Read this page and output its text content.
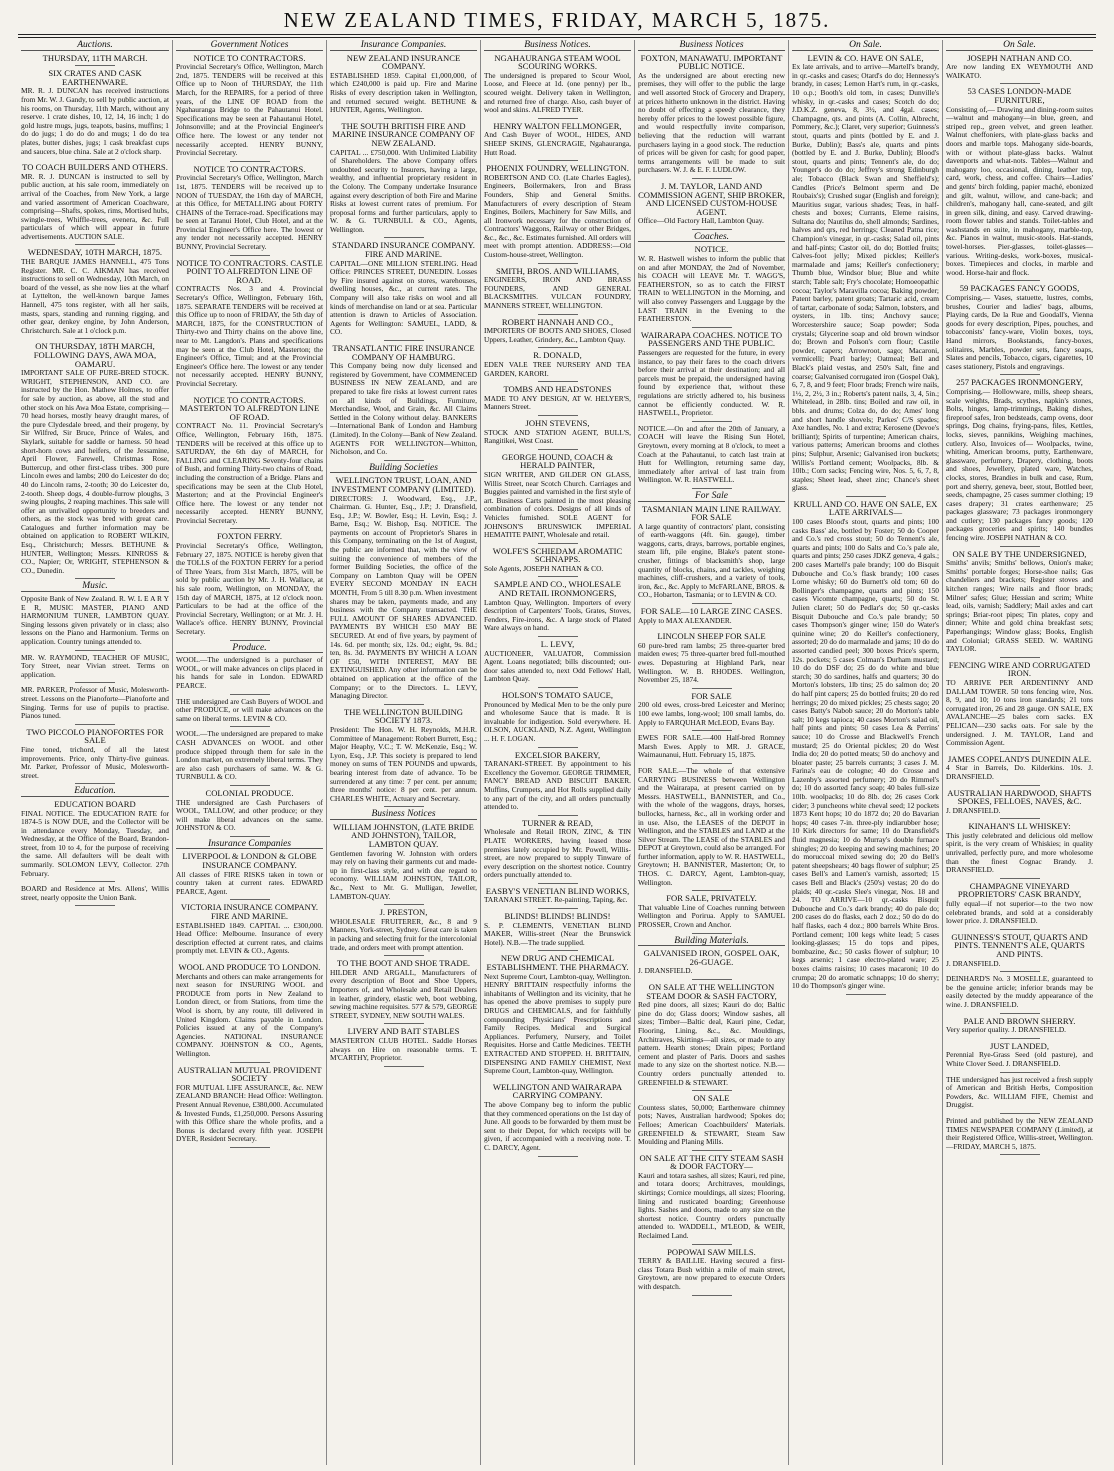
NEW ZEALAND TIMES, FRIDAY, MARCH 5, 1875.
Auctions.
THURSDAY, 11TH MARCH.
SIX CRATES AND CASK EARTHENWARE.
MR. R. J. DUNCAN has received instructions from Mr. W. J. Gandy, to sell by public auction, at his rooms, on Thursday, 11th March, without any reserve. 1 crate dishes, 10, 12, 14, 16 inch; 1 do gold lustre mugs, jugs, teapots, basins, muffins; 1 do do jugs; 1 do do do and mugs; 1 do do tea plates, butter dishes, jugs; 1 cask breakfast cups and saucers, blue china. Sale at 2 o'clock sharp.
TO COACH BUILDERS AND OTHERS.
MR. R. J. DUNCAN is instructed to sell by public auction, at his sale room, immediately on arrival of the Coaches, from New York, a large and varied assortment of American Coachware, comprising—Shafts, spokes, rims, Mortised hubs, swingle-trees, Whiffle-trees, evenera, &c. Full particulars of which will appear in future advertisements. AUCTION SALE.
WEDNESDAY, 10TH MARCH, 1875.
THE BARQUE JAMES HANNELL, 475 Tons Register. MR. C. C. AIKMAN has received instructions to sell on Wednesday, 10th March, on board of the vessel, as she now lies at the wharf at Lyttelton, the well-known barque James Hannell, 475 tons register, with all her sails, masts, spars, standing and running rigging, and other gear, denkey engine, by John Anderson, Christchurch. Sale at 1 o'clock p.m.
ON THURSDAY, 18TH MARCH, FOLLOWING DAYS, AWA MOA, OAMARU.
IMPORTANT SALE OF PURE-BRED STOCK. WRIGHT, STEPHENSON, AND CO. are instructed by the Hon. Mathew Holmes, to offer for sale by auction, as above, all the stud and other stock on his Awa Moa Estate, comprising— 70 head horses, mostly heavy draught mares, of the pure Clydesdale breed, and their progeny, by Sir Wilfred, Sir Bruce, Prince of Wales, and Skylark, suitable for saddle or harness. 50 head short-horn cows and heifers, of the Jessamine, April Flower, Farewell, Christmas Rose, Buttercup, and other first-class tribes. 300 pure Lincoln ewes and lambs; 200 do Leicester do do; 40 do Lincoln rams, 2-tooth; 30 do Leicester do, 2-tooth. Sheep dogs, 4 double-furrow ploughs, 3 swing ploughs, 2 reaping machines. This sale will offer an unrivalled opportunity to breeders and others, as the stock was bred with great care. Catalogues and further information may be obtained on application to ROBERT WILKIN, Esq., Christchurch; Messrs. BETHUNE & HUNTER, Wellington; Messrs. KINROSS & CO., Napier; Or, WRIGHT, STEPHENSON & CO., Dunedin.
Music.
Opposite Bank of New Zealand. R. W. L E A R Y E R, MUSIC MASTER, PIANO AND HARMONIUM TUNER, LAMBTON QUAY. Singing lessons given privately or in class; also lessons on the Piano and Harmonium. Terms on application. Country tunings attended to.
MR. W. RAYMOND, TEACHER OF MUSIC, Tory Street, near Vivian street. Terms on application.
MR. PARKER, Professor of Music, Molesworth-street. Lessons on the Pianoforte—Pianoforte and Singing. Terms for use of pupils to practise. Pianos tuned.
TWO PICCOLO PIANOFORTES FOR SALE
Fine toned, trichord, of all the latest improvements. Price, only Thirty-five guineas. Mr. Parker, Professor of Music, Molesworth-street.
Education.
EDUCATION BOARD
FINAL NOTICE. The EDUCATION RATE for 1874-5 is NOW DUE, and the Collector will be in attendance every Monday, Tuesday, and Wednesday, at the Office of the Board, Brandon-street, from 10 to 4, for the purpose of receiving the same. All defaulters will be dealt with summarily. SOLOMON LEVY, Collector. 27th February.
BOARD and Residence at Mrs. Allens', Willis street, nearly opposite the Union Bank.
Government Notices
NOTICE TO CONTRACTORS.
Provincial Secretary's Office, Wellington, March 2nd, 1875. TENDERS will be received at this Office up to Noon of THURSDAY, the 11th March, for the REPAIRS, for a period of three years, of the LINE OF ROAD from the Ngahauranga Bridge to the Pahautanui Hotel. Specifications may be seen at Pahautanui Hotel, Johnsonville; and at the Provincial Engineer's Office here. The lowest or any tender not necessarily accepted. HENRY BUNNY, Provincial Secretary.
NOTICE TO CONTRACTORS.
Provincial Secretary's Office, Wellington, March 1st, 1875. TENDERS will be received up to NOON of TUESDAY, the 16th day of MARCH, at this Office, for METALLING about FORTY CHAINS of the Terrace-road. Specifications may be seen at Taranui Hotel, Club Hotel, and at the Provincial Engineer's Office here. The lowest or any tender not necessarily accepted. HENRY BUNNY, Provincial Secretary.
NOTICE TO CONTRACTORS. CASTLE POINT TO ALFREDTON LINE OF ROAD.
CONTRACTS Nos. 3 and 4. Provincial Secretary's Office, Wellington, February 16th, 1875. SEPARATE TENDERS will be received at this Office up to noon of FRIDAY, the 5th day of MARCH, 1875, for the CONSTRUCTION of Thirty-two and Thirty chains on the above line, near to Mt. Langdon's. Plans and specifications may be seen at the Club Hotel, Masterton; the Engineer's Office, Timui; and at the Provincial Engineer's Office here. The lowest or any tender not necessarily accepted. HENRY BUNNY, Provincial Secretary.
NOTICE TO CONTRACTORS. MASTERTON TO ALFREDTON LINE OF ROAD.
CONTRACT No. 11. Provincial Secretary's Office, Wellington, February 16th, 1875. TENDERS will be received at this office up to SATURDAY, the 6th day of MARCH, for FALLING and CLEARING Seventy-four chains of Bush, and forming Thirty-two chains of Road, including the construction of a Bridge. Plans and specifications may be seen at the Club Hotel, Masterton; and at the Provincial Engineer's Office here. The lowest or any tender not necessarily accepted. HENRY BUNNY, Provincial Secretary.
FOXTON FERRY.
Provincial Secretary's Office, Wellington, February 27, 1875. NOTICE is hereby given that the TOLLS of the FOXTON FERRY for a period of Three Years, from 31st March, 1875, will be sold by public auction by Mr. J. H. Wallace, at his sale room, Wellington, on MONDAY, the 15th day of MARCH, 1875, at 12 o'clock noon. Particulars to be had at the office of the Provincial Secretary, Wellington; or at Mr. J. H. Wallace's office. HENRY BUNNY, Provincial Secretary.
Produce.
WOOL.—The undersigned is a purchaser of WOOL, or will make advances on clips placed in his hands for sale in London. EDWARD PEARCE.
THE undersigned are Cash Buyers of WOOL and other PRODUCE, or will make advances on the same on liberal terms. LEVIN & CO.
WOOL.—The undersigned are prepared to make CASH ADVANCES on WOOL and other produce shipped through them for sale in the London market, on extremely liberal terms. They are also cash purchasers of same. W. & G. TURNBULL & CO.
COLONIAL PRODUCE.
THE undersigned are Cash Purchasers of WOOL, TALLOW, and other produce; or they will make liberal advances on the same. JOHNSTON & CO.
Insurance Companies
LIVERPOOL & LONDON & GLOBE INSURANCE COMPANY.
All classes of FIRE RISKS taken in town or country taken at current rates. EDWARD PEARCE, Agent.
VICTORIA INSURANCE COMPANY. FIRE AND MARINE.
ESTABLISHED 1849. CAPITAL ... £300,000. Head Office: Melbourne. Insurance of every description effected at current rates, and claims promptly met. LEVIN & CO., Agents.
WOOL AND PRODUCE TO LONDON.
Merchants and others can make arrangements for next season for INSURING WOOL and PRODUCE from ports in New Zealand to London direct, or from Stations, from time the Wool is shorn, by any route, till delivered in United Kingdom. Claims payable in London. Policies issued at any of the Company's Agencies. NATIONAL INSURANCE COMPANY. JOHNSTON & CO., Agents, Wellington.
AUSTRALIAN MUTUAL PROVIDENT SOCIETY
FOR MUTUAL LIFE ASSURANCE, &c. NEW ZEALAND BRANCH: Head Office: Wellington. Present Annual Revenue, £380,000. Accumulated & Invested Funds, £1,250,000. Persons Assuring with this Office share the whole profits, and a Bonus is declared every fifth year. JOSEPH DYER, Resident Secretary.
Insurance Companies.
NEW ZEALAND INSURANCE COMPANY.
ESTABLISHED 1859. Capital £1,000,000, of which £240,000 is paid up. Fire and Marine Risks of every description taken in Wellington, and returned secured weight. BETHUNE & HUNTER, Agents, Wellington.
THE SOUTH BRITISH FIRE AND MARINE INSURANCE COMPANY OF NEW ZEALAND.
CAPITAL ... £750,000. With Unlimited Liability of Shareholders. The above Company offers undoubted security to Insurers, having a large, wealthy, and influential proprietary resident in the Colony. The Company undertake Insurance against every description of both Fire and Marine Risks at lowest current rates of premium. For proposal forms and further particulars, apply to W. & G. TURNBULL & CO., Agents, Wellington.
STANDARD INSURANCE COMPANY. FIRE AND MARINE.
CAPITAL—ONE MILLION STERLING. Head Office: PRINCES STREET, DUNEDIN. Losses by Fire insured against on stores, warehouses, dwelling houses, &c., at current rates. The Company will also take risks on wool and all kinds of merchandise on land or at sea. Particular attention is drawn to Articles of Association. Agents for Wellington: SAMUEL, LADD, & CO.
TRANSATLANTIC FIRE INSURANCE COMPANY OF HAMBURG.
This Company being now duly licensed and registered by Government, have COMMENCED BUSINESS IN NEW ZEALAND, and are prepared to take fire risks at lowest current rates on all kinds of Buildings, Furniture, Merchandise, Wool, and Grain, &c. All Claims Settled in the Colony without delay. BANKERS—International Bank of London and Hamburg (Limited). In the Colony—Bank of New Zealand. AGENTS FOR WELLINGTON—Whitton, Nicholson, and Co.
Building Societies
WELLINGTON TRUST, LOAN, AND INVESTMENT COMPANY (LIMITED).
DIRECTORS: J. Woodward, Esq., J.P., Chairman. G. Hunter, Esq., J.P.; J. Dransfield, Esq., J.P.; W. Bowler, Esq.; H. Levin, Esq.; J. Barne, Esq.; W. Bishop, Esq. NOTICE. The payments on account of Proprietor's Shares in this Company, terminating on the 1st of August, the public are informed that, with the view of suiting the convenience of members of the former Building Societies, the office of the Company on Lambton Quay will be OPEN EVERY SECOND MONDAY IN EACH MONTH, From 5 till 8.30 p.m. When investment shares may be taken, payments made, and any business with the Company transacted. THE FULL AMOUNT OF SHARES ADVANCED. PAYMENTS BY WHICH £50 MAY BE SECURED. At end of five years, by payment of 14s. 6d. per month; six, 12s. 0d.; eight, 9s. 8d.; ten, 8s. 3d. PAYMENTS BY WHICH A LOAN OF £50, WITH INTEREST, MAY BE EXTINGUISHED. Any other information can be obtained on application at the office of the Company; or to the Directors. L. LEVY, Managing Director.
THE WELLINGTON BUILDING SOCIETY 1873.
President: The Hon. W. H. Reynolds, M.H.R. Committee of Management: Robert Burrett, Esq.; Major Heaphy, V.C.; T. W. McKenzie, Esq.; W. Lyon, Esq., J.P. This society is prepared to lend money on sums of TEN POUNDS and upwards, bearing interest from date of advance. To be surrendered at any time: 7 per cent. per annum; three months' notice: 8 per cent. per annum. CHARLES WHITE, Actuary and Secretary.
Business Notices
WILLIAM JOHNSTON, (LATE BRIDE AND JOHNSTON), TAILOR, LAMBTON QUAY.
Gentlemen favoring W. Johnston with orders may rely on having their garments cut and made-up in first-class style, and with due regard to economy. WILLIAM JOHNSTON, TAILOR, &c., Next to Mr. G. Mulligan, Jeweller, LAMBTON-QUAY.
J. PRESTON,
WHOLESALE FRUITERER, &c., 8 and 9 Manners, York-street, Sydney. Great care is taken in packing and selecting fruit for the intercolonial trade, and orders meet with prompt attention.
TO THE BOOT AND SHOE TRADE.
HILDER AND ARGALL, Manufacturers of every description of Boot and Shoe Uppers, Importers of, and Wholesale and Retail Dealers in leather, grindery, elastic web, boot webbing, sewing machine requisites. 577 & 579, GEORGE STREET, SYDNEY, NEW SOUTH WALES.
LIVERY AND BAIT STABLES
MASTERTON CLUB HOTEL. Saddle Horses always on Hire on reasonable terms. T. M'CARTHY, Proprietor.
Business Notices.
NGAHAURANGA STEAM WOOL SCOURING WORKS.
The undersigned is prepared to Scour Wool, Loose, and Fleece at 1d. (one penny) per lb., scoured weight. Delivery taken in Wellington, and returned free of charge. Also, cash buyer of wool and skins. ALFRED TYER.
HENRY WALTON FELLMONGER,
And Cash Buyer of WOOL, HIDES, AND SHEEP SKINS, GLENCRAGIE, Ngahauranga, Hutt Road.
PHOENIX FOUNDRY, WELLINGTON.
ROBERTSON AND CO. (Late Charles Eagles), Engineers, Boilermakers, Iron and Brass Founders, Ship and General Smiths. Manufacturers of every description of Steam Engines, Boilers, Machinery for Saw Mills, and all Ironwork necessary for the construction of Contractors' Waggons, Railway or other Bridges, &c., &c., &c. Estimates furnished. All orders will meet with prompt attention. ADDRESS:—Old Custom-house-street, Wellington.
SMITH, BROS. AND WILLIAMS,
ENGINEERS, IRON AND BRASS FOUNDERS, AND GENERAL BLACKSMITHS. VULCAN FOUNDRY, MANNERS STREET, WELLINGTON.
ROBERT HANNAH AND CO.,
IMPORTERS OF BOOTS AND SHOES, Closed Uppers, Leather, Grindery, &c., Lambton Quay.
R. DONALD,
EDEN VALE TREE NURSERY AND TEA GARDEN, KARORI.
TOMBS AND HEADSTONES
MADE TO ANY DESIGN, AT W. HELYER'S, Manners Street.
JOHN STEVENS,
STOCK AND STATION AGENT, BULL'S, Rangitikei, West Coast.
GEORGE HOUND, COACH & HERALD PAINTER,
SIGN WRITER, AND GILDER ON GLASS, Willis Street, near Scotch Church. Carriages and Buggies painted and varnished in the first style of art. Business Carts painted in the most pleasing combination of colors. Designs of all kinds of Vehicles furnished. SOLE AGENT for JOHNSON'S BRUNSWICK IMPERIAL HEMATITE PAINT, Wholesale and retail.
WOLFE'S SCHIEDAM AROMATIC SCHNAPPS.
Sole Agents, JOSEPH NATHAN & CO.
SAMPLE AND CO., WHOLESALE AND RETAIL IRONMONGERS,
Lambton Quay, Wellington. Importers of every description of Carpenters' Tools, Grates, Stoves, Fenders, Fire-irons, &c. A large stock of Plated Ware always on hand.
L. LEVY,
AUCTIONEER, VALUATOR, Commission Agent. Loans negotiated; bills discounted; out-door sales attended to, next Odd Fellows' Hall, Lambton Quay.
HOLSON'S TOMATO SAUCE,
Pronounced by Medical Men to be the only pure and wholesome Sauce that is made. It is invaluable for indigestion. Sold everywhere. H. OLSON, AUCKLAND, N.Z. Agent, Wellington ... H. F. LOGAN.
EXCELSIOR BAKERY,
TARANAKI-STREET. By appointment to his Excellency the Governor. GEORGE TRIMMER, FANCY BREAD AND BISCUIT BAKER. Muffins, Crumpets, and Hot Rolls supplied daily to any part of the city, and all orders punctually attended to.
TURNER & READ,
Wholesale and Retail IRON, ZINC, & TIN PLATE WORKERS, having leased those premises lately occupied by Mr. Powell, Willis-street, are now prepared to supply Tinware of every description on the shortest notice. Country orders punctually attended to.
EASBY'S VENETIAN BLIND WORKS,
TARANAKI STREET. Re-painting, Taping, &c.
BLINDS! BLINDS! BLINDS!
S. P. CLEMENTS, VENETIAN BLIND MAKER, Willis-street (Near the Brunswick Hotel). N.B.—The trade supplied.
NEW DRUG AND CHEMICAL ESTABLISHMENT. THE PHARMACY.
Next Supreme Court, Lambton-quay, Wellington. HENRY BRITTAIN respectfully informs the inhabitants of Wellington and its vicinity, that he has opened the above premises to supply pure DRUGS and CHEMICALS, and for faithfully compounding Physicians' Prescriptions and Family Recipes. Medical and Surgical Appliances. Perfumery, Nursery, and Toilet Requisites. Horse and Cattle Medicines. TEETH EXTRACTED AND STOPPED. H. BRITTAIN, DISPENSING AND FAMILY CHEMIST, Next Supreme Court, Lambton-quay, Wellington.
WELLINGTON AND WAIRARAPA CARRYING COMPANY.
The above Company beg to inform the public that they commenced operations on the 1st day of June. All goods to be forwarded by them must be sent to their Depot, for which receipts will be given, if accompanied with a receiving note. T. C. DARCY, Agent.
Business Notices
FOXTON, MANAWATU. IMPORTANT PUBLIC NOTICE.
As the undersigned are about erecting new premises, they will offer to the public the large and well assorted Stock of Grocery and Drapery, at prices hitherto unknown in the district. Having no doubt of effecting a speedy clearance, they hereby offer prices to the lowest possible figure, and would respectfully invite comparison, believing that the reduction will warrant purchasers laying in a good stock. The reduction of prices will be given for cash; for good paper, terms arrangements will be made to suit purchasers. W. J. & E. F. LUDLOW.
J. M. TAYLOR, LAND AND COMMISSION AGENT, SHIP BROKER, AND LICENSED CUSTOM-HOUSE AGENT.
Office—Old Factory Hall, Lambton Quay.
Coaches.
NOTICE.
W. R. Hastwell wishes to inform the public that on and after MONDAY, the 2nd of November, his COACH will LEAVE Mr. T. WAGG'S, FEATHERSTON, so as to catch the FIRST TRAIN to WELLINGTON in the Morning, and will also convey Passengers and Luggage by the LAST TRAIN in the Evening to the FEATHERSTON.
WAIRARAPA COACHES. NOTICE TO PASSENGERS AND THE PUBLIC.
Passengers are requested for the future, in every instance, to pay their fares to the coach drivers before their arrival at their destination; and all parcels must be prepaid, the undersigned having found by experience that, without these regulations are strictly adhered to, his business cannot be efficiently conducted. W. R. HASTWELL, Proprietor.
NOTICE.—On and after the 20th of January, a COACH will leave the Rising Sun Hotel, Greytown, every morning at 8 o'clock, to meet a Coach at the Pahautanui, to catch last train at Hutt for Wellington, returning same day, immediately after arrival of last train from Wellington. W. R. HASTWELL.
For Sale
TASMANIAN MAIN LINE RAILWAY. FOR SALE
A large quantity of contractors' plant, consisting of earth-waggons (4ft. 6in. gauge), timber waggons, carts, drays, barrows, portable engines, steam lift, pile engine, Blake's patent stone-crusher, fittings of blacksmith's shop, large quantity of blocks, chains, and tackles, weighing machines, cliff-crushers, and a variety of tools, iron, &c., &c. Apply to McFARLANE, BROS. & CO., Hobarton, Tasmania; or to LEVIN & CO.
FOR SALE—10 LARGE ZINC CASES.
Apply to MAX ALEXANDER.
LINCOLN SHEEP FOR SALE
60 pure-bred ram lambs; 25 three-quarter bred maiden ewes; 75 three-quarter bred full-mouthed ewes. Depasturing at Highland Park, near Wellington. W. B. RHODES. Wellington, November 25, 1874.
FOR SALE
200 old ewes, cross-bred Leicester and Merino; 100 ewe lambs, long-wool; 100 small lambs, do. Apply to FARQUHAR McLEOD, Evans Bay.
EWES FOR SALE.—400 Half-bred Romney Marsh Ewes. Apply to MR. J. GRACE, Waimaunanui, Hutt. February 15, 1875.
FOR SALE.—The whole of that extensive CARRYING BUSINESS between Wellington and the Wairarapa, at present carried on by Messrs. HASTWELL, BANNISTER, and Co., with the whole of the waggons, drays, horses, bullocks, harness, &c., all in working order and in use. Also, the LEASES of the DEPOT in Wellington, and the STABLES and LAND at the Silver Stream. The LEASE of the STABLES and DEPOT at Greytown, could also be arranged. For further information, apply to W. R. HASTWELL, Greytown; H. BANNISTER, Masterton; Or, to THOS. C. DARCY, Agent, Lambton-quay, Wellington.
FOR SALE, PRIVATELY.
That valuable Line of Coaches running between Wellington and Porirua. Apply to SAMUEL PROSSER, Crown and Anchor.
Building Materials.
GALVANISED IRON, GOSPEL OAK, 26-GUAGE.
J. DRANSFIELD.
ON SALE AT THE WELLINGTON STEAM DOOR & SASH FACTORY,
Red pine doors, all sizes; Kauri do do; Baltic pine do do; Glass doors; Window sashes, all sizes; Timber—Baltic deal, Kauri pine, Cedar, Flooring, Lining, &c., &c. Mouldings, Architraves, Skirtings—all sizes, or made to any pattern. Hearth stones; Drain pipes; Portland cement and plaster of Paris. Doors and sashes made to any size on the shortest notice. N.B.—Country orders punctually attended to. GREENFIELD & STEWART.
ON SALE
Countess slates, 50,000; Earthenware chimney pots; Naves, Australian hardwood; Spokes do; Felloes; American Coachbuilders' Materials. GREENFIELD & STEWART, Steam Saw Moulding and Planing Mills.
ON SALE AT THE CITY STEAM SASH & DOOR FACTORY—
Kauri and totara sashes, all sizes; Kauri, red pine, and totara doors; Architraves, mouldings, skirtings; Cornice mouldings, all sizes; Flooring, lining and rusticated boarding; Greenhouse lights. Sashes and doors, made to any size on the shortest notice. Country orders punctually attended to. WADDELL, M'LEOD, & WEIR, Reclaimed Land.
POPOWAI SAW MILLS.
TERRY & BAILLIE. Having secured a first-class Totara Bush within a mile of main street, Greytown, are now prepared to execute Orders with despatch.
On Sale.
LEVIN & CO. HAVE ON SALE,
Ex late arrivals, and to arrive—Martell's brandy, in qr.-casks and cases; Otard's do do; Hennessy's brandy, in cases; Lemon Hart's rum, in qr.-casks, 10 o.p.; Booth's old tom, in cases; Dunville's whisky, in qr.-casks and cases; Scotch do do; J.D.K.Z. geneva, 8, 3½, and 4gal. cases; Champagne, qts. and pints (A. Collin, Albrecht, Pommery, &c.); Claret, very superior; Guinness's stout, quarts and pints (bottled by E. and J. Burke, Dublin); Bass's ale, quarts and pints (bottled by E. and J. Burke, Dublin); Blood's stout, quarts and pints; Tennent's ale, do do; Younger's do do do; Jeffrey's strong Edinburgh ale; Tobacco (Black Swan and Sheffield's); Candles (Price's Belmont sperm and De Roubaix's); Crushed sugar (English and foreign); Mauritius sugar, various shades; Teas, in half-chests and boxes; Currants, Eleme raisins, Sultana do; Nautilus do, shell almonds; Sardines, halves and qrs, red herrings; Cleaned Patna rice; Champion's vinegar, in qr.-casks; Salad oil, pints and half-pints; Castor oil, do do; Bottled fruits; Calves-foot jelly; Mixed pickles; Keiller's marmalade and jams; Keiller's confectionery; Thumb blue, Windsor blue; Blue and white starch; Table salt; Fry's chocolate; Homoeopathic cocoa; Taylor's Maravilla cocoa; Baking powder; Patent barley, patent groats; Tartaric acid, cream of tartar, carbonate of soda; Salmon, lobsters, and oysters, in 1lb. tins; Anchovy sauce; Worcestershire sauce; Soap powder; Soda crystals; Glycerine soap and old brown windsor do; Brown and Polson's corn flour; Castile powder, capers; Arrowroot, sago; Macaroni, vermicelli; Pearl barley; Oatmeal; Bell and Black's plaid vestas, and 250's Salt, fine and coarse; Galvanised corrugated iron (Gospel Oak), 6, 7, 8, and 9 feet; Floor brads; French wire nails, 1½, 2, 2½, 3 in.; Roberts's patent nails, 3, 4, 5in.; Whitelead, in 28lb. tins; Boiled and raw oil, in bbls. and drums; Colza do, do do; Ames' long and short handle shovels; Parkes' C/S spades; Axe handles, No. 1 and extra; Kerosene (Devoe's brilliant); Spirits of turpentine; American chairs, various patterns; American brooms and clothes pins; Sulphur, Arsenic; Galvanised iron buckets; Willis's Portland cement; Woolpacks, 8lb. & 10lb.; Corn sacks; Fencing wire, Nos. 5, 6, 7, 8, staples; Sheet lead, sheet zinc; Chance's sheet glass.
KRULL AND CO. HAVE ON SALE, EX LATE ARRIVALS—
100 cases Blood's stout, quarts and pints; 100 casks Bass' ale, bottled by Foster; 50 do Cooper and Co.'s red cross stout; 50 do Tennent's ale, quarts and pints; 100 do Salts and Co.'s pale ale, quarts and pints; 250 cases JDKZ geneva, 4 gals.; 200 cases Martell's pale brandy; 100 do Bisquit Dubouche and Co.'s flask brandy; 100 cases Lorne whisky; 60 do Burnett's old tom; 60 do Bollinger's champagne, quarts and pints; 150 cases Vicomte champagne, quarts; 50 do St. Julien claret; 50 do Pedlar's do; 50 qr.-casks Bisquit Dubouche and Co.'s pale brandy; 50 cases Thompson's ginger wine; 150 do Water's quinine wine; 20 do Keiller's confectionery, assorted; 20 do do marmalade and jams; 10 do do assorted candied peel; 300 boxes Price's sperm, 12s. pockets; 5 cases Colman's Durham mustard; 10 do do DSF do; 25 do do white and blue starch; 30 do sardines, halfs and quarters; 30 do Morton's lobsters, 1lb tins; 25 do salmon do; 20 do half pint capers; 25 do bottled fruits; 20 do red herrings; 20 do mixed pickles; 25 chests sago; 20 cases Batty's Nabob sauce; 20 do Morton's table salt; 10 kegs tapioca; 40 cases Morton's salad oil, half pints and pints; 50 cases Lea & Perrins' sauce; 10 do Crosse and Blackwell's French mustard; 25 do Oriental pickles; 20 do West India do; 20 do potted meats; 50 do anchovy and bloater paste; 25 barrels currants; 3 cases J. M. Farina's eau de cologne; 40 do Crosse and Lazenby's assorted perfumery; 20 do Rimmel's do; 10 do assorted fancy soap; 40 bales full-size 10lb. woolpacks; 10 do 8lb. do; 26 cases Cork cider; 3 puncheons white cheval seed; 12 pockets 1873 Kent hops; 10 do 1872 do; 20 do Bavarian hops; 40 cases 7-in. three-ply indiarubber hose; 10 Kirk directors for same; 10 do Dransfield's fluid magnesia; 10 do Murray's double furnace shingles; 20 do keeping and sewing machines; 20 do moruccoal mixed sewing do; 20 do Bell's patent sheepshears; 40 bags flower of sulphur; 25 cases Bell's and Lamen's varnish, assorted; 15 cases Bell and Black's (250's) vestas; 20 do do plaids; 40 qr.-casks Slee's vinegar, Nos. 18 and 24. TO ARRIVE—10 qr.-casks Bisquit Dubouche and Co.'s dark brandy; 40 do pale do; 200 cases do do flasks, each 2 doz.; 50 do do do half flasks, each 4 doz.; 800 barrels White Bros. Portland cement; 100 kegs white lead; 5 cases looking-glasses; 15 do tops and pipes, bombazine, &c.; 50 casks flower of sulphur; 10 kegs arsenic; 1 case electro-plated ware; 25 boxes claims raisins; 10 cases macaroni; 10 do crumpa; 20 do aromatic schnapps; 10 do sherry; 10 do Thompson's ginger wine.
On Sale.
JOSEPH NATHAN AND CO.
Are now landing EX WEYMOUTH AND WAIKATO.
53 CASES LONDON-MADE FURNITURE,
Consisting of,— Drawing and dining-room suites—walnut and mahogany—in blue, green, and striped rep., green velvet, and green leather. Walnut cheffoniers, with plate-glass backs and doors and marble tops. Mahogany side-boards, with or without plate-glass backs. Walnut davenports and what-nots. Tables—Walnut and mahogany loo, occasional, dining, leather top, card, work, chess, and coffee. Chairs—Ladies' and gents' birch folding, papier maché, ebonized and gilt, walnut, willow, and cane-back; and children's, mahogany hall, cane-seated, and gilt in green silk, dining, and easy. Carved drawing-room flower tables and stands. Toilet-tables and washstands en suite, in mahogany, marble-top, &c. Pianos in walnut, music-stools. Hat-stands, towel-horses. Pier-glasses, toilet-glasses—various. Writing-desks, work-boxes, musical-boxes. Timepieces and clocks, in marble and wood. Horse-hair and flock.
59 PACKAGES FANCY GOODS,
Comprising,— Vases, statuette, lustres, combs, brushes, Courier and ladies' bags, albums, Playing cards, De la Rue and Goodall's, Vienna goods for every description, Pipes, pouches, and tobacconists' fancy-ware, Violin boxes, toys, Hand mirrors, Bookstands, fancy-boxes, solitaires, Marbles, powder sets, fancy soaps, Slates and pencils, Tobacco, cigars, cigarettes, 10 cases stationery, Pistols and engravings.
257 PACKAGES IRONMONGERY,
Comprising,— Hollowware, mills, sheep shears, scale weights, Brads, scythes, napkin's stones, Bolts, hinges, lamp-trimmings, Baking dishes, fireproof safes, Iron bedsteads, camp ovens, door springs, Dog chains, frying-pans, files, Kettles, locks, sieves, pannikins, Weighing machines, cutlery. Also, Invoices of— Woolpacks, twine, whiting, American brooms, putty, Earthenware, glassware, perfumery, Drapery, clothing, boots and shoes, Jewellery, plated ware, Watches, clocks, stores, Brandies in bulk and case, Rum, port and sherry, geneva, beer, stout, Bottled beer, seeds, champagne, 25 cases summer clothing; 19 cases drapery; 31 crates earthenware; 25 packages glassware; 73 packages ironmongery and cutlery; 130 packages fancy goods; 120 packages groceries and spirits; 140 bundles fencing wire. JOSEPH NATHAN & CO.
ON SALE BY THE UNDERSIGNED,
Smiths' anvils; Smiths' bellows, Onion's make; Smiths' portable forges; Horse-shoe nails; Gas chandeliers and brackets; Register stoves and kitchen ranges; Wire nails and floor brads; Milner' safes; Glue; Hessian and scrim; White lead, oils, varnish; Saddlery; Mail axles and cart springs; Briar-root pipes; Tin plates, copy and dinner; White and gold china breakfast sets; Paperhangings; Window glass; Books, English and Colonial; GRASS SEED. W. WARING TAYLOR.
FENCING WIRE AND CORRUGATED IRON.
TO ARRIVE PER ARDENTINNY AND DALLAM TOWER. 50 tons fencing wire, Nos. 8, 9, and 10; 10 tons iron standards; 21 tons corrugated iron, 26 and 28 gauge. ON SALE, EX AVALANCHE—25 bales corn sacks. EX PELICAN—230 sacks oats. For sale by the undersigned. J. M. TAYLOR, Land and Commission Agent.
JAMES COPELAND'S DUNEDIN ALE.
4 Star in Barrels, Do. Kilderkins. 10s. J. DRANSFIELD.
AUSTRALIAN HARDWOOD, SHAFTS SPOKES, FELLOES, NAVES, &C.
J. DRANSFIELD.
KINAHAN'S LL WHISKEY:
This justly celebrated and delicious old mellow spirit, is the very cream of Whiskies; in quality unrivalled, perfectly pure, and more wholesome than the finest Cognac Brandy. J. DRANSFIELD.
CHAMPAGNE VINEYARD PROPRIETORS' CASK BRANDY,
fully equal—if not superior—to the two now celebrated brands, and sold at a considerably lower price. J. DRANSFIELD.
GUINNESS'S STOUT, QUARTS AND PINTS. TENNENT'S ALE, QUARTS AND PINTS.
J. DRANSFIELD.
DEINHARD'S No. 3 MOSELLE, guaranteed to be the genuine article; inferior brands may be easily detected by the muddy appearance of the wine. J. DRANSFIELD.
PALE AND BROWN SHERRY.
Very superior quality. J. DRANSFIELD.
JUST LANDED,
Perennial Rye-Grass Seed (old pasture), and White Clover Seed. J. DRANSFIELD.
THE undersigned has just received a fresh supply of American and British Herbs, Composition Powders, &c. WILLIAM FIFE, Chemist and Druggist.
Printed and published by the NEW ZEALAND TIMES NEWSPAPER COMPANY (Limited), at their Registered Office, Willis-street, Wellington.—FRIDAY, MARCH 5, 1875.
